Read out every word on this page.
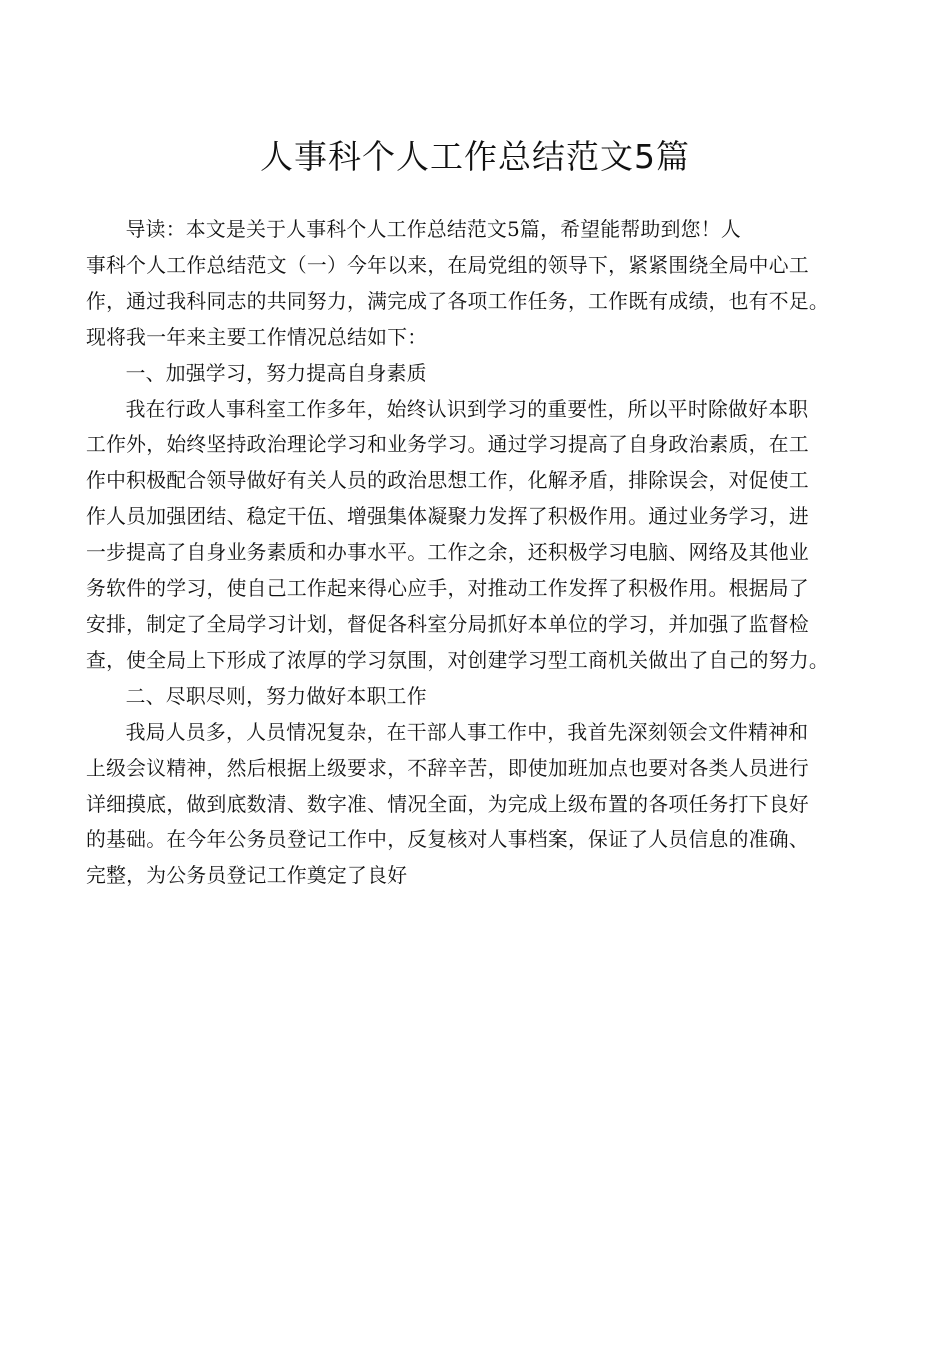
人事科个人工作总结范文5篇

导读：本文是关于人事科个人工作总结范文5篇，希望能帮助到您！人
事科个人工作总结范文（一）今年以来，在局党组的领导下，紧紧围绕全局中心工
作，通过我科同志的共同努力，满完成了各项工作任务，工作既有成绩，也有不足。
现将我一年来主要工作情况总结如下：

一、加强学习，努力提高自身素质

我在行政人事科室工作多年，始终认识到学习的重要性，所以平时除做好本职
工作外，始终坚持政治理论学习和业务学习。通过学习提高了自身政治素质，在工
作中积极配合领导做好有关人员的政治思想工作，化解矛盾，排除误会，对促使工
作人员加强团结、稳定干伍、增强集体凝聚力发挥了积极作用。通过业务学习，进
一步提高了自身业务素质和办事水平。工作之余，还积极学习电脑、网络及其他业
务软件的学习，使自己工作起来得心应手，对推动工作发挥了积极作用。根据局了
安排，制定了全局学习计划，督促各科室分局抓好本单位的学习，并加强了监督检
查，使全局上下形成了浓厚的学习氛围，对创建学习型工商机关做出了自己的努力。

二、尽职尽则，努力做好本职工作

我局人员多，人员情况复杂，在干部人事工作中，我首先深刻领会文件精神和
上级会议精神，然后根据上级要求，不辞辛苦，即使加班加点也要对各类人员进行
详细摸底，做到底数清、数字准、情况全面，为完成上级布置的各项任务打下良好
的基础。在今年公务员登记工作中，反复核对人事档案，保证了人员信息的准确、
完整，为公务员登记工作奠定了良好
